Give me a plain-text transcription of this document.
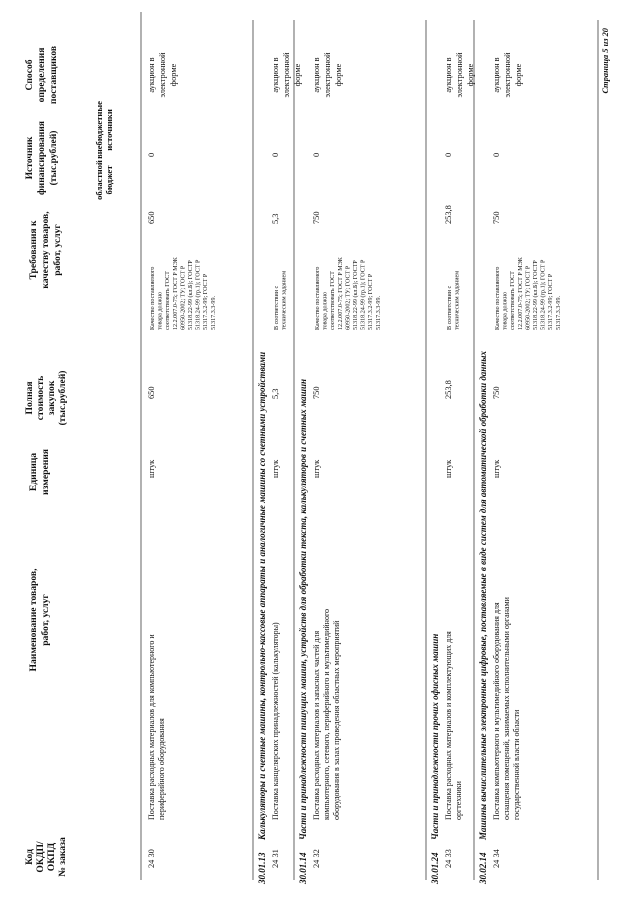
Код ОКДП/ ОКПД № заказа
Наименование товаров, работ, услуг
Единица измерения
Полная стоимость закупок (тыс.рублей)
Требования к качеству товаров, работ, услуг
Источник финансирования (тыс.рублей)	областной бюджет
внебюджетные источники
Способ определения поставщиков
24 30
Поставка расходных материалов для компьютерного и периферийного оборудования
штук
650
Качество поставляемого товара должно соответствовать ГОСТ 12.2.007.0-75; ГОСТ Р МЭК 60950-2002; ТУ; ГОСТ Р 51318.22-99 (кл.Б); ГОСТР 51318.24-99 (гр.1); ГОСТ Р 51317.3.2-99; ГОСТ Р 51317.3.3-99.
650
0
аукцион в электронной форме
30.01.13
Калькуляторы и счетные машины, контрольно-кассовые аппараты и аналогичные машины со счетными устройствами
24 31
Поставка канцелярских принадлежностей (калькуляторы)
штук
5,3
В соответствии с техническим заданием
5,3
0
аукцион в электронной форме
30.01.14
Части и принадлежности пишущих машин, устройств для обработки текста, калькуляторов и счетных машин
24 32
Поставка расходных материалов и запасных частей для компьютерного, сетевого, периферийного и мультимедийного оборудования в залах проведения областных мероприятий
штук
750
Качество поставляемого товара должно соответствовать ГОСТ 12.2.007.0-75; ГОСТ Р МЭК 60950-2002; ТУ; ГОСТ Р 51318.22-99 (кл.Б); ГОСТР 51318.24-99 (гр.1); ГОСТ Р 51317.3.2-99; ГОСТ Р 51317.3.3-99.
750
0
аукцион в электронной форме
30.01.24
Части и принадлежности прочих офисных машин
24 33
Поставка расходных материалов и комплектующих для оргтехники
штук
253,8
В соответствии с техническим заданием
253,8
0
аукцион в электронной форме
30.02.14
Машины вычислительные электронные цифровые, поставляемые в виде систем для автоматической обработки данных
24 34
Поставка компьютерного и мультимедийного оборудования для оснащения помещений, занимаемых исполнительными органами государственной власти области
штук
750
Качество поставляемого товара должно соответствовать ГОСТ 12.2.007.0-75; ГОСТ Р МЭК 60950-2002; ТУ; ГОСТ Р 51318.22-99 (кл.Б); ГОСТР 51318.24-99 (гр.1); ГОСТ Р 51317.3.2-99; ГОСТ Р 51317.3.3-99.
750
0
аукцион в электронной форме	Страница 5 из 20
